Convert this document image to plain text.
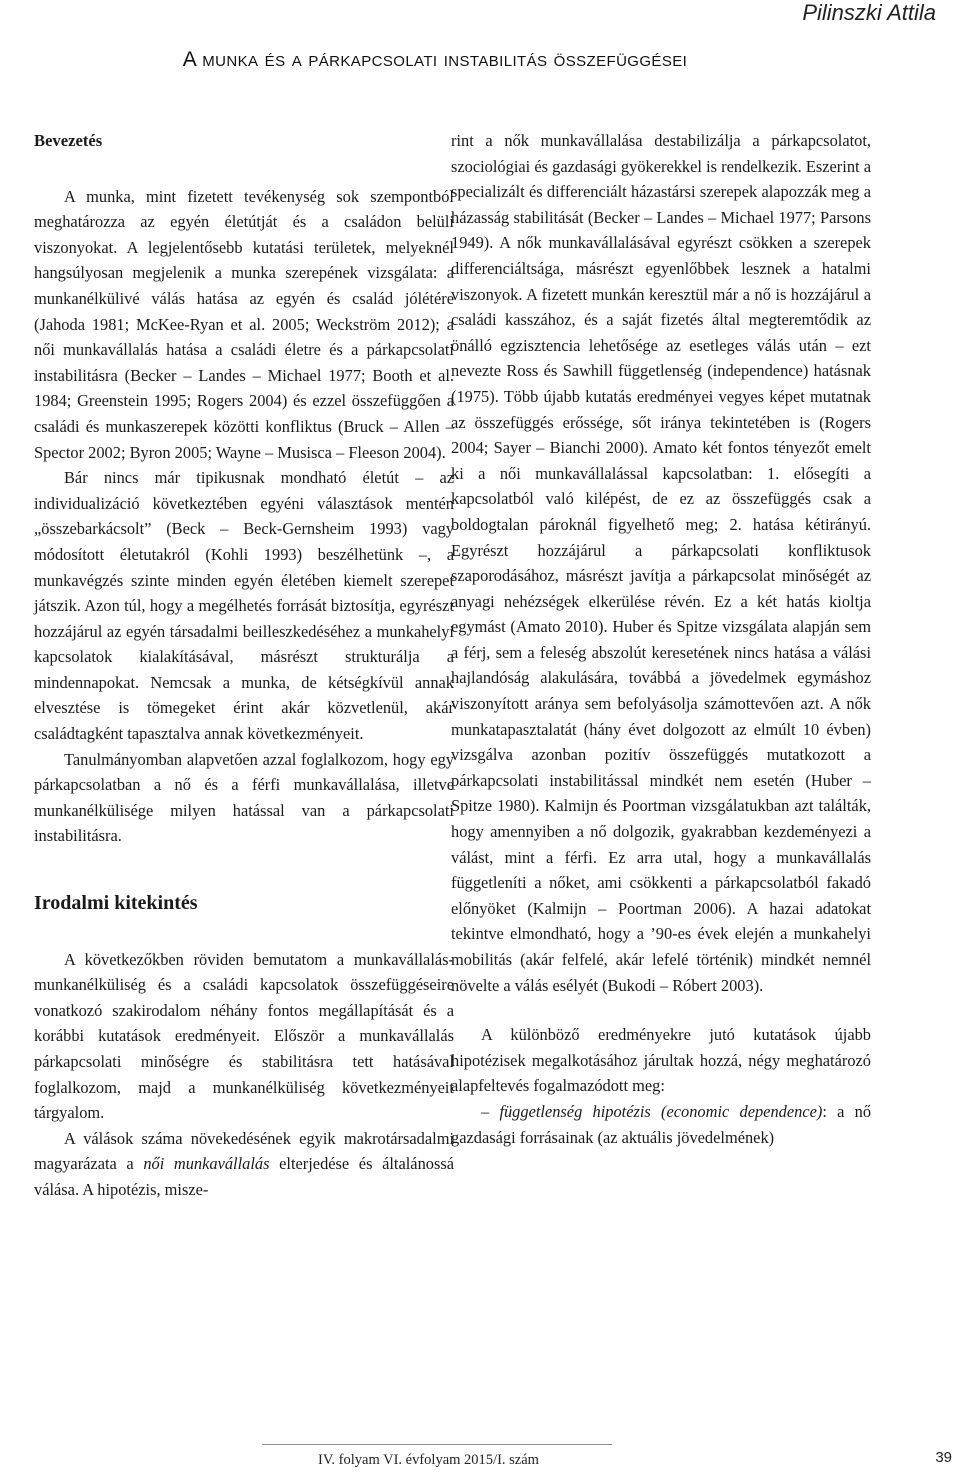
Pilinszki Attila
A munka és a párkapcsolati instabilitás összefüggései
Bevezetés

A munka, mint fizetett tevékenység sok szempontból meghatározza az egyén életútját és a családon belüli viszonyokat. A legjelentősebb kutatási területek, melyeknél hangsúlyosan megjelenik a munka szerepének vizsgálata: a munkanélkülivé válás hatása az egyén és család jólétére (Jahoda 1981; McKee-Ryan et al. 2005; Weckström 2012); a női munkavállalás hatása a családi életre és a párkapcsolati instabilitásra (Becker – Landes – Michael 1977; Booth et al. 1984; Greenstein 1995; Rogers 2004) és ezzel összefüggően a családi és munkaszerepek közötti konfliktus (Bruck – Allen – Spector 2002; Byron 2005; Wayne – Musisca – Fleeson 2004).

Bár nincs már tipikusnak mondható életút – az individualizáció következtében egyéni választások mentén „összebarkácsolt” (Beck – Beck-Gernsheim 1993) vagy módosított életutakról (Kohli 1993) beszélhetünk –, a munkavégzés szinte minden egyén életében kiemelt szerepet játszik. Azon túl, hogy a megélhetés forrását biztosítja, egyrészt hozzájárul az egyén társadalmi beilleszkedéséhez a munkahelyi kapcsolatok kialakításával, másrészt strukturálja a mindennapokat. Nemcsak a munka, de kétségkívül annak elvesztése is tömegeket érint akár közvetlenül, akár családtagként tapasztalva annak következményeit.

Tanulmányomban alapvetően azzal foglalkozom, hogy egy párkapcsolatban a nő és a férfi munkavállalása, illetve munkanélkülisége milyen hatással van a párkapcsolati instabilitásra.

Irodalmi kitekintés

A következőkben röviden bemutatom a munkavállalás-munkanélküliség és a családi kapcsolatok összefüggéseire vonatkozó szakirodalom néhány fontos megállapítását és a korábbi kutatások eredményeit. Először a munkavállalás párkapcsolati minőségre és stabilitásra tett hatásával foglalkozom, majd a munkanélküliség következményeit tárgyalom.

A válások száma növekedésének egyik makrotársadalmi magyarázata a női munkavállalás elterjedése és általánossá válása. A hipotézis, misze-

rint a nők munkavállalása destabilizálja a párkapcsolatot, szociológiai és gazdasági gyökerekkel is rendelkezik. Eszerint a specializált és differenciált házastársi szerepek alapozzák meg a házasság stabilitását (Becker – Landes – Michael 1977; Parsons 1949). A nők munkavállalásával egyrészt csökken a szerepek differenciáltsága, másrészt egyenlőbbek lesznek a hatalmi viszonyok. A fizetett munkán keresztül már a nő is hozzájárul a családi kasszához, és a saját fizetés által megteremtődik az önálló egzisztencia lehetősége az esetleges válás után – ezt nevezte Ross és Sawhill függetlenség (independence) hatásnak (1975). Több újabb kutatás eredményei vegyes képet mutatnak az összefüggés erőssége, sőt iránya tekintetében is (Rogers 2004; Sayer – Bianchi 2000). Amato két fontos tényezőt emelt ki a női munkavállalással kapcsolatban: 1. elősegíti a kapcsolatból való kilépést, de ez az összefüggés csak a boldogtalan pároknál figyelhető meg; 2. hatása kétirányú. Egyrészt hozzájárul a párkapcsolati konfliktusok szaporodásához, másrészt javítja a párkapcsolat minőségét az anyagi nehézségek elkerülése révén. Ez a két hatás kioltja egymást (Amato 2010). Huber és Spitze vizsgálata alapján sem a férj, sem a feleség abszolút keresetének nincs hatása a válási hajlandóság alakulására, továbbá a jövedelmek egymáshoz viszonyított aránya sem befolyásolja számottevően azt. A nők munkatapasztalatát (hány évet dolgozott az elmúlt 10 évben) vizsgálva azonban pozitív összefüggés mutatkozott a párkapcsolati instabilitással mindkét nem esetén (Huber – Spitze 1980). Kalmijn és Poortman vizsgálatukban azt találták, hogy amennyiben a nő dolgozik, gyakrabban kezdeményezi a válást, mint a férfi. Ez arra utal, hogy a munkavállalás függetleníti a nőket, ami csökkenti a párkapcsolatból fakadó előnyöket (Kalmijn – Poortman 2006). A hazai adatokat tekintve elmondható, hogy a ’90-es évek elején a munkahelyi mobilitás (akár felfelé, akár lefelé történik) mindkét nemnél növelte a válás esélyét (Bukodi – Róbert 2003).

A különböző eredményekre jutó kutatások újabb hipotézisek megalkotásához járultak hozzá, négy meghatározó alapfeltevés fogalmazódott meg:

– függetlenség hipotézis (economic dependence): a nő gazdasági forrásainak (az aktuális jövedelmének)

IV. folyam VI. évfolyam 2015/I. szám	39
